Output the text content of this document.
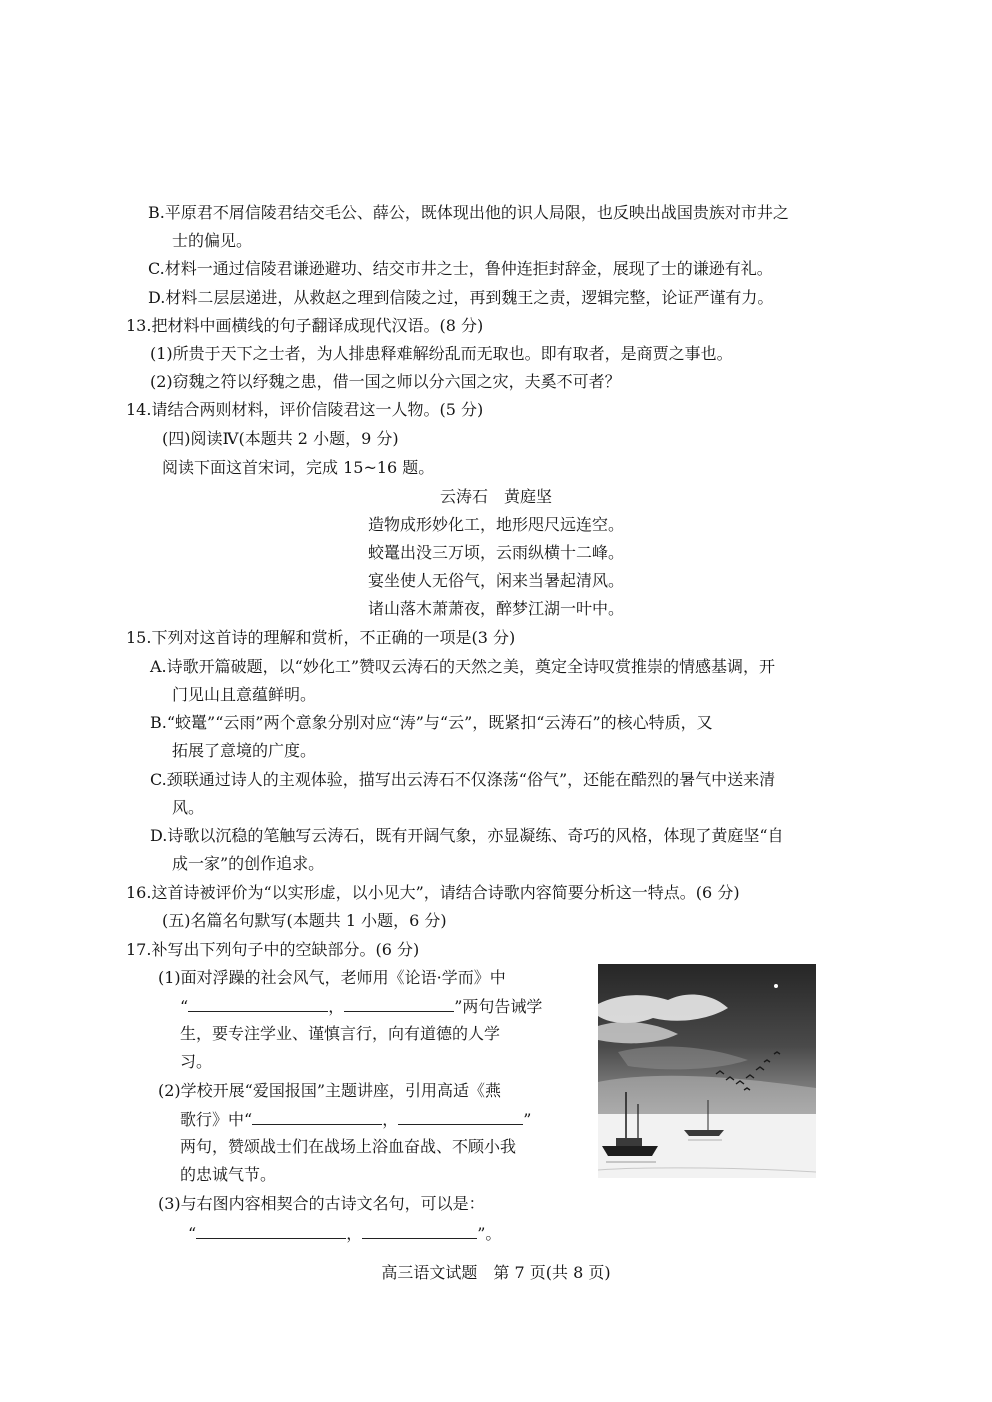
B.平原君不屑信陵君结交毛公、薛公，既体现出他的识人局限，也反映出战国贵族对市井之
士的偏见。
C.材料一通过信陵君谦逊避功、结交市井之士，鲁仲连拒封辞金，展现了士的谦逊有礼。
D.材料二层层递进，从救赵之理到信陵之过，再到魏王之责，逻辑完整，论证严谨有力。
13.把材料中画横线的句子翻译成现代汉语。(8 分)
(1)所贵于天下之士者，为人排患释难解纷乱而无取也。即有取者，是商贾之事也。
(2)窃魏之符以纾魏之患，借一国之师以分六国之灾，夫奚不可者？
14.请结合两则材料，评价信陵君这一人物。(5 分)
(四)阅读Ⅳ(本题共 2 小题，9 分)
阅读下面这首宋词，完成 15~16 题。
云涛石　黄庭坚
造物成形妙化工，地形咫尺远连空。
蛟鼍出没三万顷，云雨纵横十二峰。
宴坐使人无俗气，闲来当暑起清风。
诸山落木萧萧夜，醉梦江湖一叶中。
15.下列对这首诗的理解和赏析，不正确的一项是(3 分)
A.诗歌开篇破题，以“妙化工”赞叹云涛石的天然之美，奠定全诗叹赏推崇的情感基调，开
门见山且意蕴鲜明。
B.“蛟鼍”“云雨”两个意象分别对应“涛”与“云”，既紧扣“云涛石”的核心特质，又
拓展了意境的广度。
C.颈联通过诗人的主观体验，描写出云涛石不仅涤荡“俗气”，还能在酷烈的暑气中送来清
风。
D.诗歌以沉稳的笔触写云涛石，既有开阔气象，亦显凝练、奇巧的风格，体现了黄庭坚“自
成一家”的创作追求。
16.这首诗被评价为“以实形虚，以小见大”，请结合诗歌内容简要分析这一特点。(6 分)
(五)名篇名句默写(本题共 1 小题，6 分)
17.补写出下列句子中的空缺部分。(6 分)
(1)面对浮躁的社会风气，老师用《论语·学而》中
“	，	”两句告诫学
生，要专注学业、谨慎言行，向有道德的人学
习。
(2)学校开展“爱国报国”主题讲座，引用高适《燕
歌行》中“	，	”
两句，赞颂战士们在战场上浴血奋战、不顾小我
的忠诚气节。
(3)与右图内容相契合的古诗文名句，可以是：
“	，	”。
高三语文试题　第 7 页(共 8 页)
